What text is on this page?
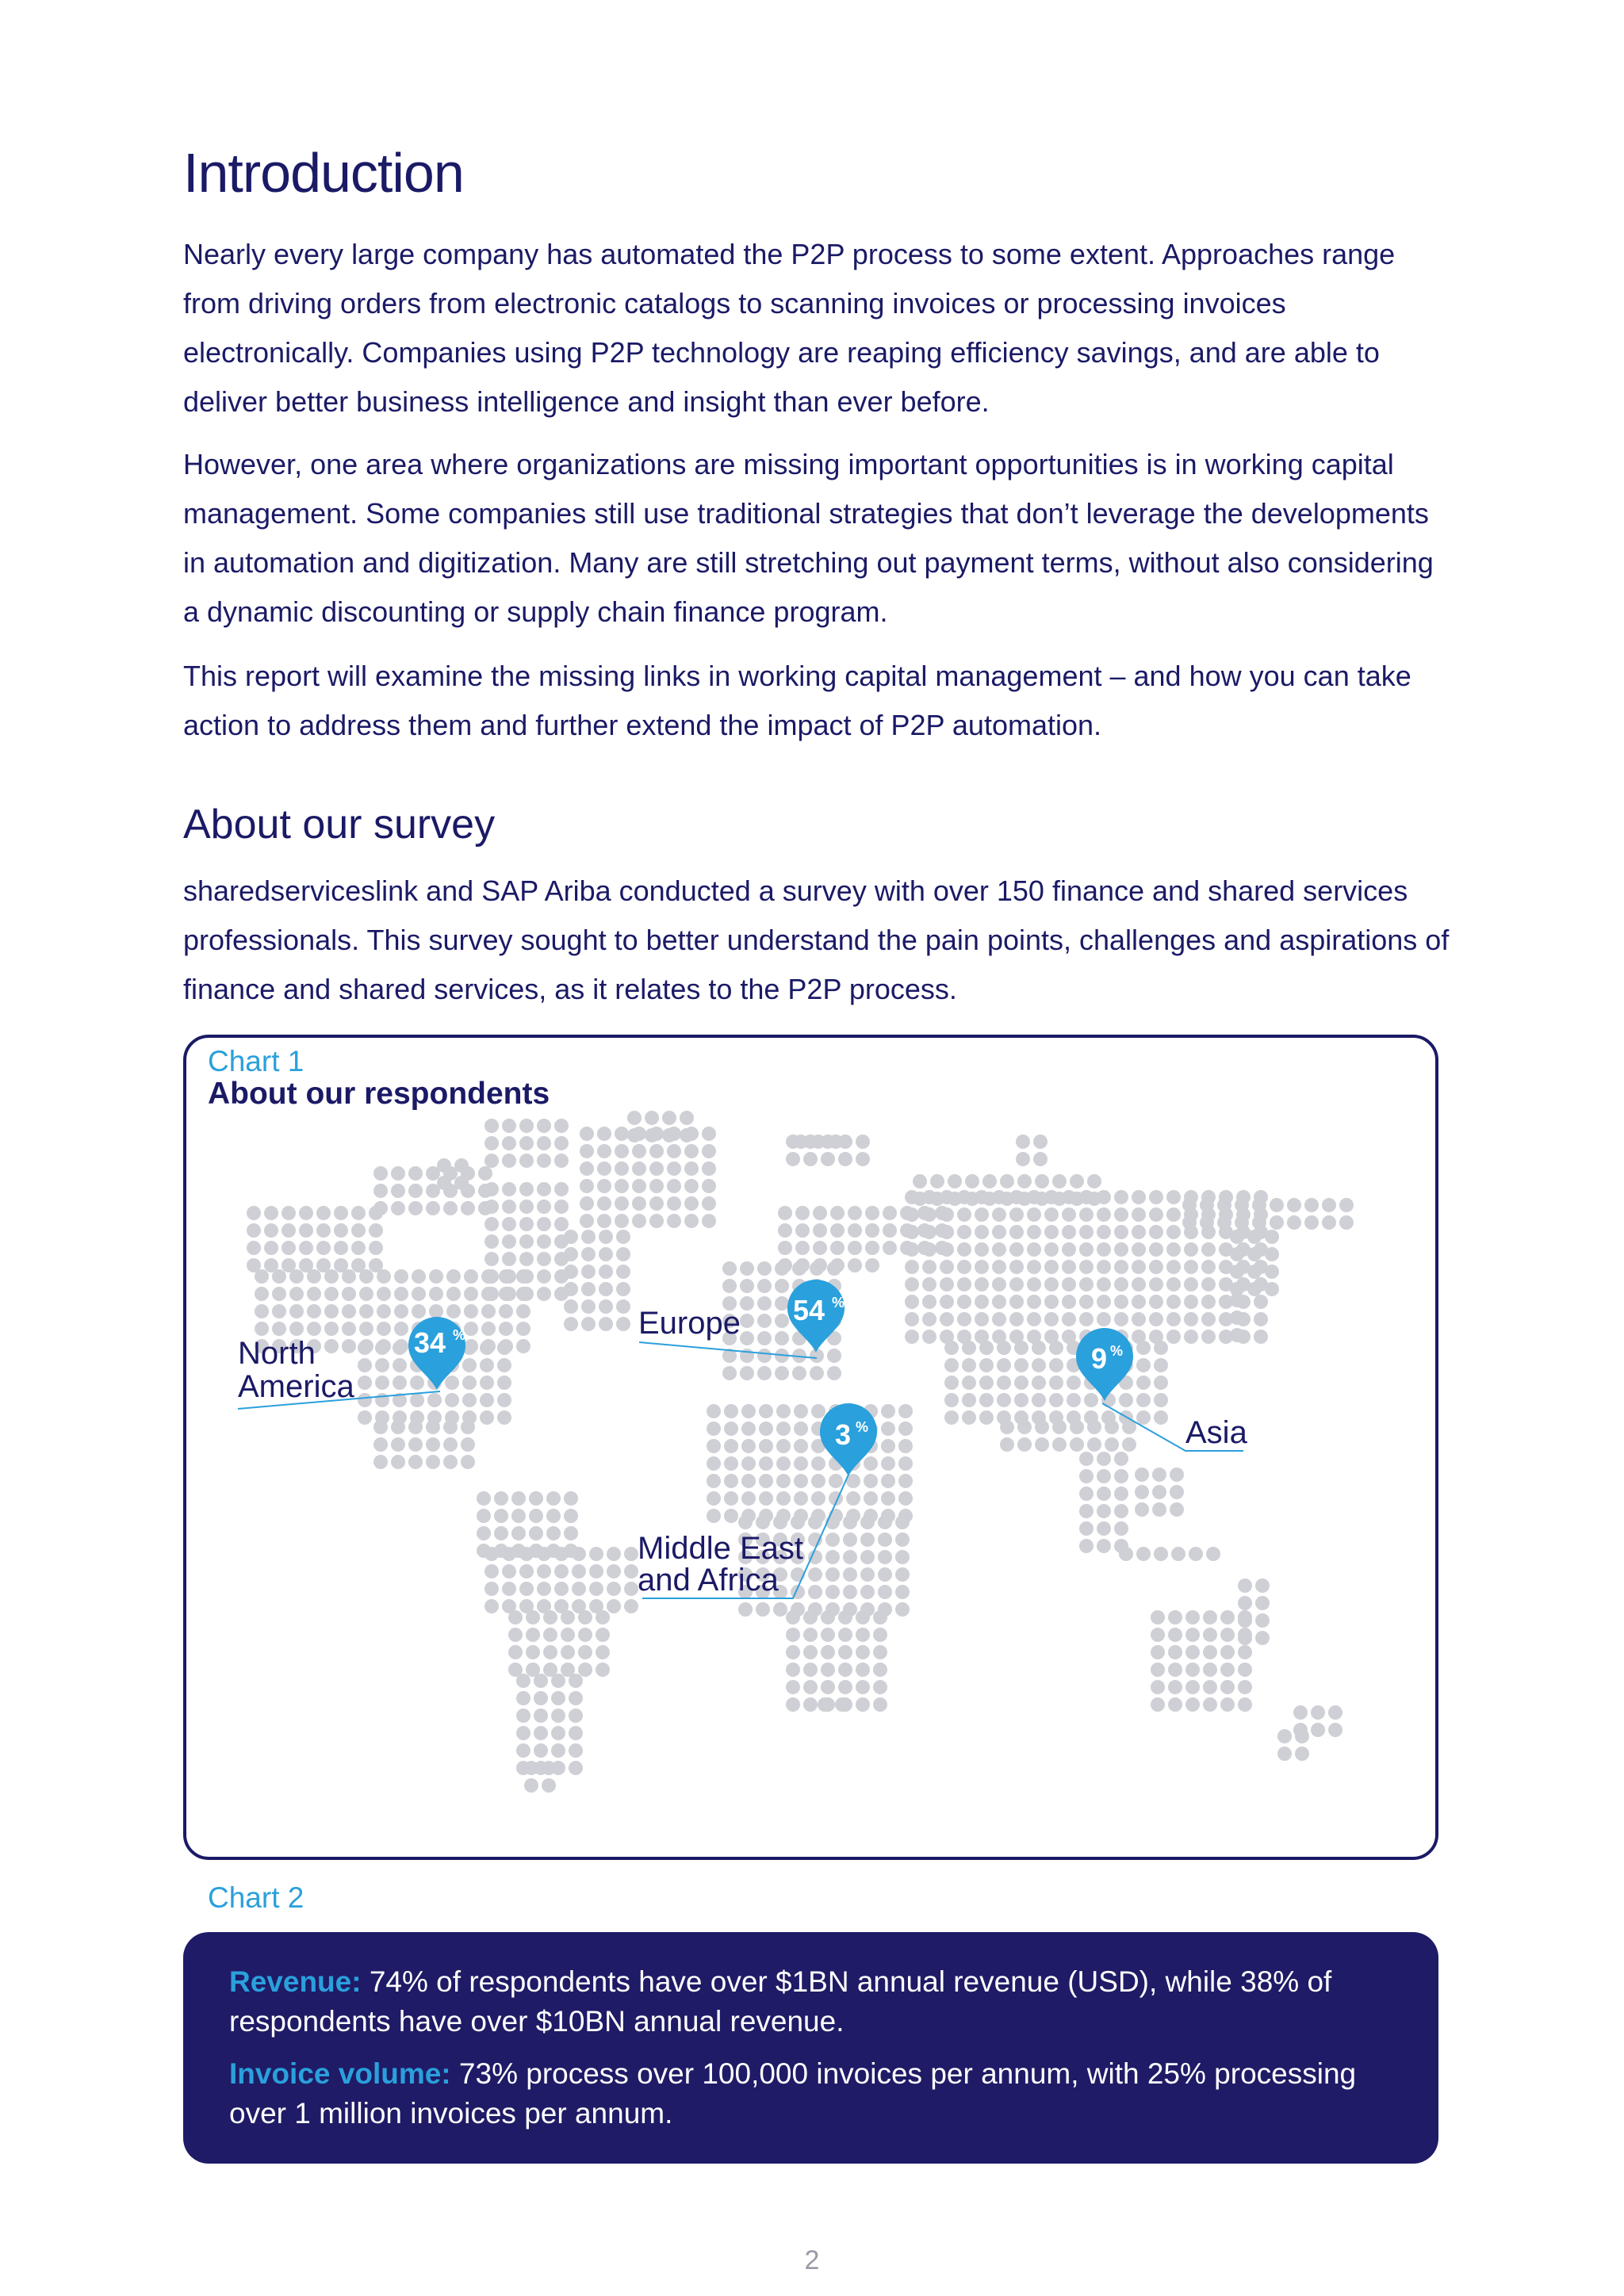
Introduction

Nearly every large company has automated the P2P process to some extent. Approaches range from driving orders from electronic catalogs to scanning invoices or processing invoices electronically. Companies using P2P technology are reaping efficiency savings, and are able to deliver better business intelligence and insight than ever before.

However, one area where organizations are missing important opportunities is in working capital management. Some companies still use traditional strategies that don’t leverage the developments in automation and digitization. Many are still stretching out payment terms, without also considering a dynamic discounting or supply chain finance program.

This report will examine the missing links in working capital management – and how you can take action to address them and further extend the impact of P2P automation.

About our survey

sharedserviceslink and SAP Ariba conducted a survey with over 150 finance and shared services professionals. This survey sought to better understand the pain points, challenges and aspirations of finance and shared services, as it relates to the P2P process.

Chart 1
About our respondents
34 %
North
America
54 %
Europe
3 %
Middle East
and Africa
9 %
Asia
Chart 2

Revenue: 74% of respondents have over $1BN annual revenue (USD), while 38% of respondents have over $10BN annual revenue.

Invoice volume: 73% process over 100,000 invoices per annum, with 25% processing over 1 million invoices per annum.

2
